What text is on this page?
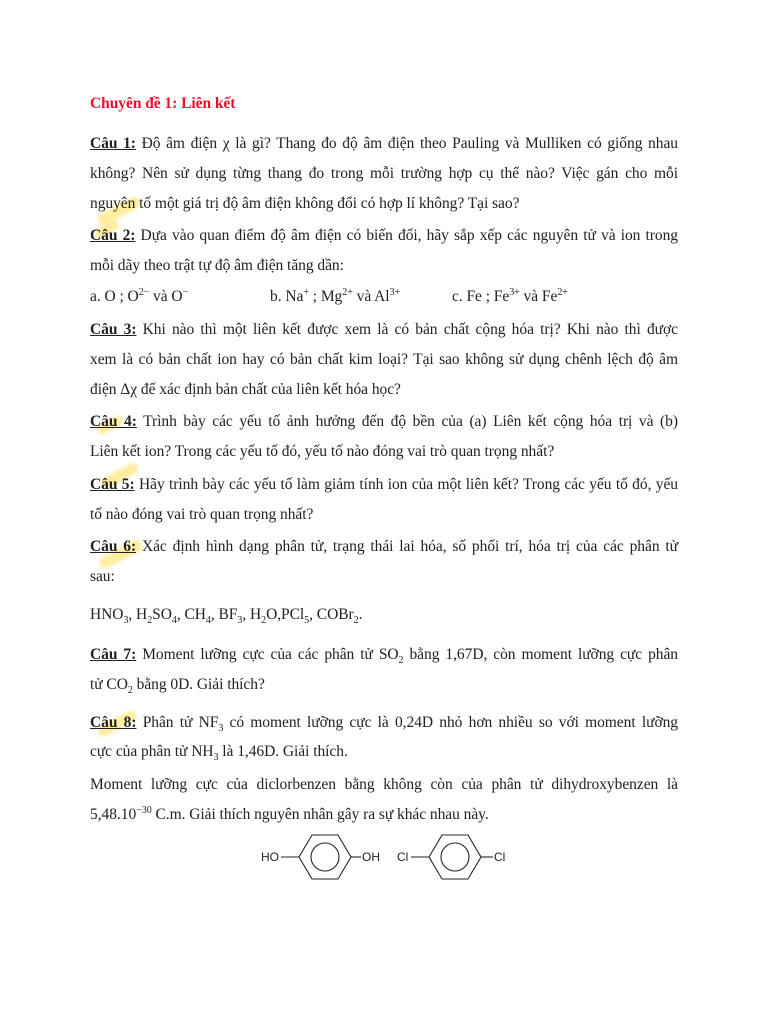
Chuyên đề 1: Liên kết
Câu 1: Độ âm điện χ là gì? Thang đo độ âm điện theo Pauling và Mulliken có giống nhau
không? Nên sử dụng từng thang đo trong mỗi trường hợp cụ thể nào? Việc gán cho mỗi
nguyên tố một giá trị độ âm điện không đổi có hợp lí không? Tại sao?
Câu 2: Dựa vào quan điểm độ âm điện có biến đổi, hãy sắp xếp các nguyên tử và ion trong
mỗi dãy theo trật tự độ âm điện tăng dần:
a. O ; $O^{2-}$ và O−	b. Na+ ; $Mg^{2+}$ và $Al^{3+}$	c. Fe ; $Fe^{3+}$ và $Fe^{2+}$
Câu 3: Khi nào thì một liên kết được xem là có bản chất cộng hóa trị? Khi nào thì được
xem là có bản chất ion hay có bản chất kim loại? Tại sao không sử dụng chênh lệch độ âm
điện Δχ để xác định bản chất của liên kết hóa học?
Câu 4: Trình bày các yếu tố ảnh hưởng đến độ bền của (a) Liên kết cộng hóa trị và (b)
Liên kết ion? Trong các yếu tố đó, yếu tố nào đóng vai trò quan trọng nhất?
Câu 5: Hãy trình bày các yếu tố làm giảm tính ion của một liên kết? Trong các yếu tố đó, yếu
tố nào đóng vai trò quan trọng nhất?
Câu 6: Xác định hình dạng phân tử, trạng thái lai hóa, số phối trí, hóa trị của các phân tử
sau:
$HNO_3$, $H_2SO_4$, $CH_4$, $BF_3$, $H_2O,PCl_5$, COBr$_2$.
Câu 7: Moment lưỡng cực của các phân tử $SO_2$ bằng 1,67D, còn moment lưỡng cực phân
tử $CO_2$ bằng 0D. Giải thích?
Câu 8: Phân tử $NF_3$ có moment lưỡng cực là 0,24D nhỏ hơn nhiều so với moment lưỡng
cực của phân tử $NH_3$ là 1,46D. Giải thích.
Moment lưỡng cực của diclorbenzen bằng không còn của phân tử dihydroxybenzen là
$5,48.10^{-30}$ C.m. Giải thích nguyên nhân gây ra sự khác nhau này.
HO	OH Cl	Cl
